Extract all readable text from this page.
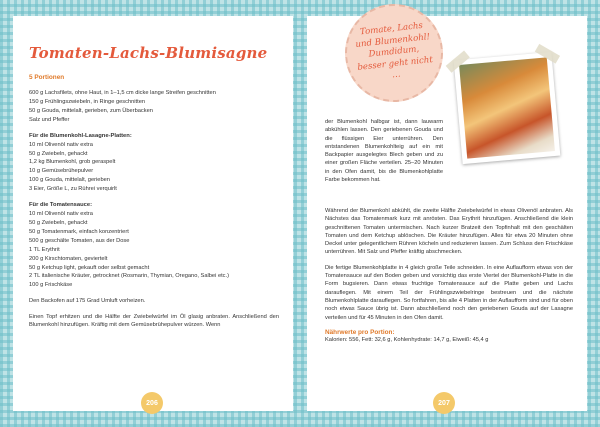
Tomaten-Lachs-Blumisagne

5 Portionen

600 g Lachsfilets, ohne Haut, in 1–1,5 cm dicke lange Streifen geschnitten

150 g Frühlingszwiebeln, in Ringe geschnitten

50 g Gouda, mittelalt, gerieben, zum Überbacken

Salz und Pfeffer

Für die Blumenkohl-Lasagne-Platten:

10 ml Olivenöl nativ extra

50 g Zwiebeln, gehackt

1,2 kg Blumenkohl, grob geraspelt

10 g Gemüsebrühepulver

100 g Gouda, mittelalt, gerieben

3 Eier, Größe L, zu Rührei verquirlt

Für die Tomatensauce:

10 ml Olivenöl nativ extra

50 g Zwiebeln, gehackt

50 g Tomatenmark, einfach konzentriert

500 g geschälte Tomaten, aus der Dose

1 TL Erythrit

200 g Kirschtomaten, geviertelt

50 g Ketchup light, gekauft oder selbst gemacht

2 TL italienische Kräuter, getrocknet (Rosmarin, Thymian, Oregano, Salbei etc.)

100 g Frischkäse

Den Backofen auf 175 Grad Umluft vorheizen.

Einen Topf erhitzen und die Hälfte der Zwiebelwürfel im Öl glasig anbraten. Anschließend den Blumenkohl hinzufügen. Kräftig mit dem Gemüsebrühepulver würzen. Wenn

206

der Blumenkohl halbgar ist, dann lauwarm abkühlen lassen. Den geriebenen Gouda und die flüssigen Eier unterrühren. Den entstandenen Blumenkohlteig auf ein mit Backpapier ausgelegtes Blech geben und zu einer großen Fläche verteilen. 25–20 Minuten in den Ofen damit, bis die Blumenkohlplatte Farbe bekommen hat.

Während der Blumenkohl abkühlt, die zweite Hälfte Zwiebelwürfel in etwas Olivenöl anbraten. Als Nächstes das Tomatenmark kurz mit anrösten. Das Erythrit hinzufügen. Anschließend die klein geschnittenen Tomaten untermischen. Nach kurzer Bratzeit den Topfinhalt mit den geschälten Tomaten und dem Ketchup ablöschen. Die Kräuter hinzufügen. Alles für etwa 20 Minuten ohne Deckel unter gelegentlichem Rühren köcheln und reduzieren lassen. Zum Schluss den Frischkäse unterrühren. Mit Salz und Pfeffer kräftig abschmecken.

Die fertige Blumenkohlplatte in 4 gleich große Teile schneiden. In eine Auflaufform etwas von der Tomatensauce auf den Boden geben und vorsichtig das erste Viertel der Blumenkohl-Platte in die Form bugsieren. Dann etwas fruchtige Tomatensauce auf die Platte geben und Lachs darauflegen. Mit einem Teil der Frühlingszwiebelringe bestreuen und die nächste Blumenkohlplatte darauflegen. So fortfahren, bis alle 4 Platten in der Auflaufform sind und für oben noch etwas Sauce übrig ist. Dann abschließend noch den geriebenen Gouda auf der Lasagne verteilen und für 45 Minuten in den Ofen damit.

Nährwerte pro Portion:

Kalorien: 556, Fett: 32,6 g, Kohlenhydrate: 14,7 g, Eiweiß: 45,4 g

207
Tomate, Lachs und Blumenkohl! Dumdidum, besser geht nicht …
